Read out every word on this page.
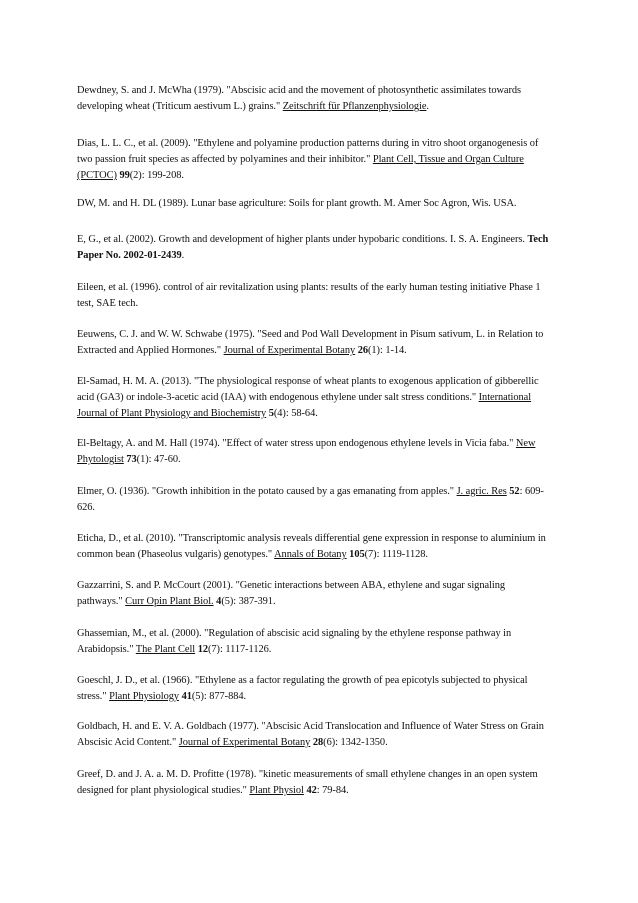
Dewdney, S. and J. McWha (1979). "Abscisic acid and the movement of photosynthetic assimilates towards developing wheat (Triticum aestivum L.) grains." Zeitschrift für Pflanzenphysiologie.

Dias, L. L. C., et al. (2009). "Ethylene and polyamine production patterns during in vitro shoot organogenesis of two passion fruit species as affected by polyamines and their inhibitor." Plant Cell, Tissue and Organ Culture (PCTOC) 99(2): 199-208.

DW, M. and H. DL (1989). Lunar base agriculture: Soils for plant growth. M. Amer Soc Agron, Wis. USA.

E, G., et al. (2002). Growth and development of higher plants under hypobaric conditions. I. S. A. Engineers. Tech Paper No. 2002-01-2439.

Eileen, et al. (1996). control of air revitalization using plants: results of the early human testing initiative Phase 1 test, SAE tech.

Eeuwens, C. J. and W. W. Schwabe (1975). "Seed and Pod Wall Development in Pisum sativum, L. in Relation to Extracted and Applied Hormones." Journal of Experimental Botany 26(1): 1-14.

El-Samad, H. M. A. (2013). "The physiological response of wheat plants to exogenous application of gibberellic acid (GA3) or indole-3-acetic acid (IAA) with endogenous ethylene under salt stress conditions." International Journal of Plant Physiology and Biochemistry 5(4): 58-64.

El-Beltagy, A. and M. Hall (1974). "Effect of water stress upon endogenous ethylene levels in Vicia faba." New Phytologist 73(1): 47-60.

Elmer, O. (1936). "Growth inhibition in the potato caused by a gas emanating from apples." J. agric. Res 52: 609-626.

Eticha, D., et al. (2010). "Transcriptomic analysis reveals differential gene expression in response to aluminium in common bean (Phaseolus vulgaris) genotypes." Annals of Botany 105(7): 1119-1128.

Gazzarrini, S. and P. McCourt (2001). "Genetic interactions between ABA, ethylene and sugar signaling pathways." Curr Opin Plant Biol. 4(5): 387-391.

Ghassemian, M., et al. (2000). "Regulation of abscisic acid signaling by the ethylene response pathway in Arabidopsis." The Plant Cell 12(7): 1117-1126.

Goeschl, J. D., et al. (1966). "Ethylene as a factor regulating the growth of pea epicotyls subjected to physical stress." Plant Physiology 41(5): 877-884.

Goldbach, H. and E. V. A. Goldbach (1977). "Abscisic Acid Translocation and Influence of Water Stress on Grain Abscisic Acid Content." Journal of Experimental Botany 28(6): 1342-1350.

Greef, D. and J. A. a. M. D. Profitte (1978). "kinetic measurements of small ethylene changes in an open system designed for plant physiological studies." Plant Physiol 42: 79-84.
